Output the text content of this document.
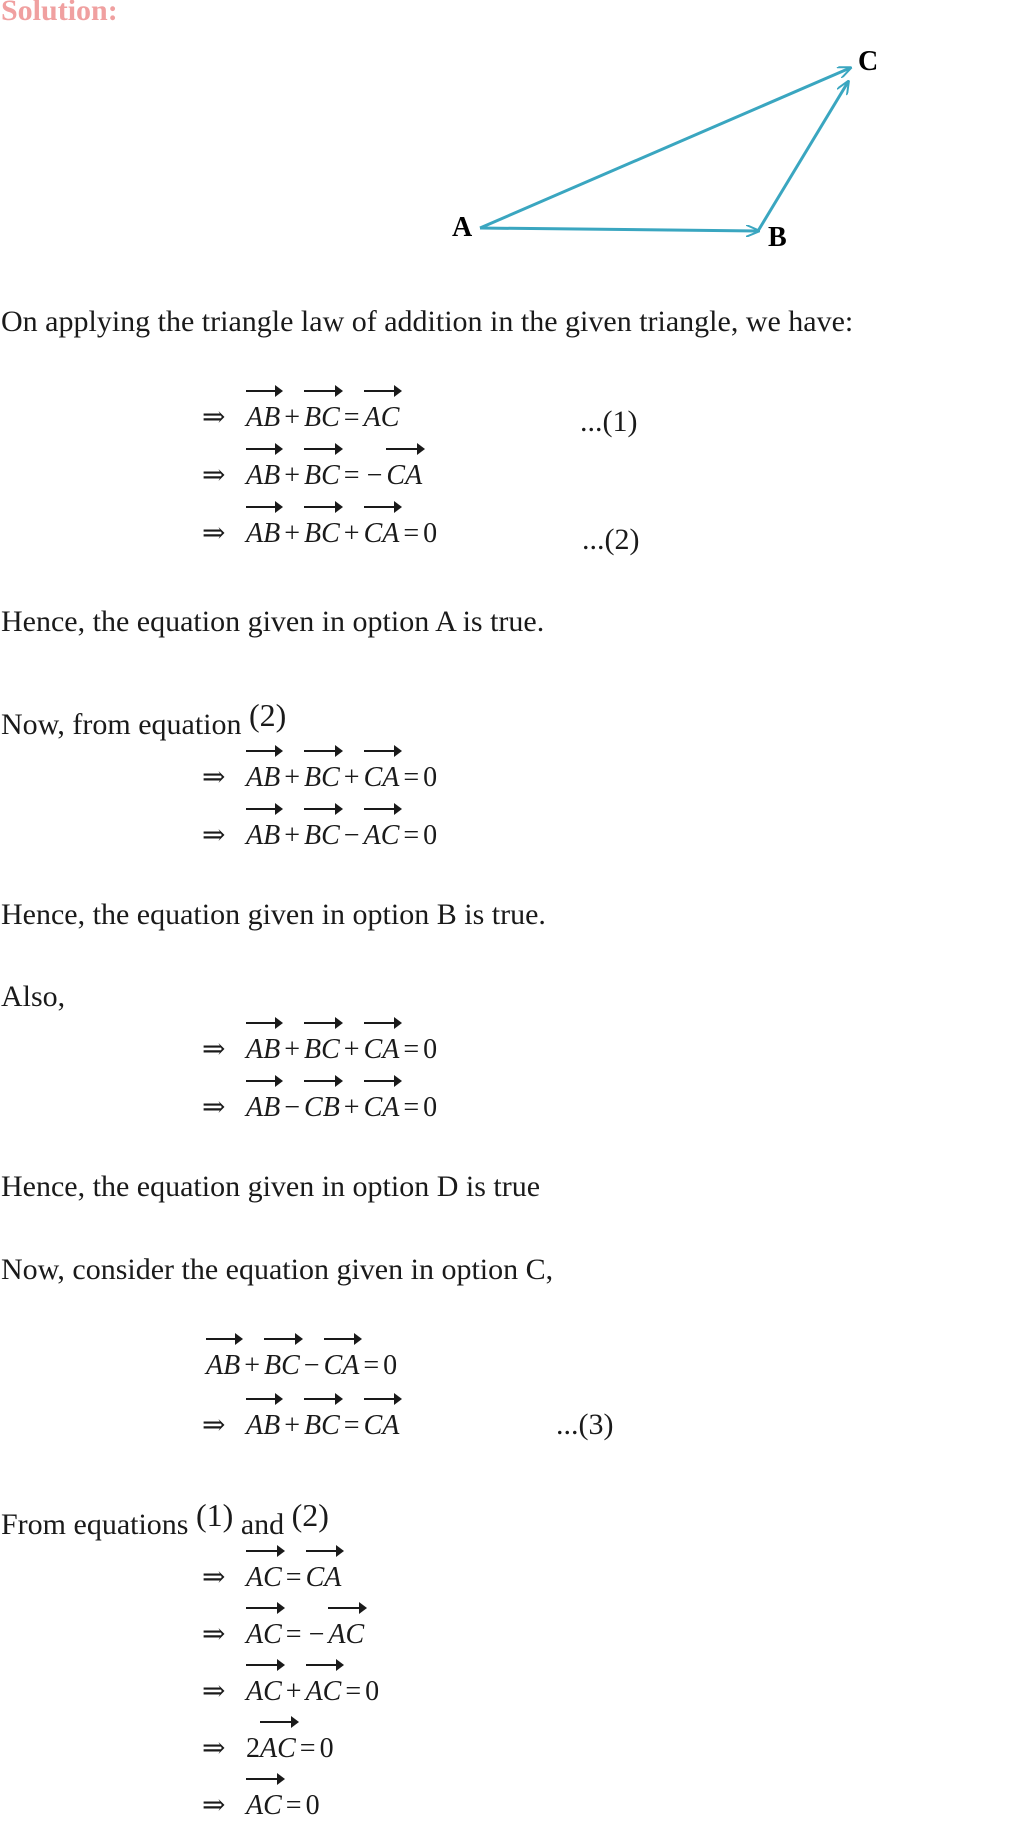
Solution:
A	B
C
On applying the triangle law of addition in the given triangle, we have:
⇒ AB + BC = AC
⇒ AB + BC = − CA
⇒ AB + BC + CA = 0
...(1)
...(2)
Hence, the equation given in option A is true.
Now, from equation (2)
⇒ AB + BC + CA = 0
⇒ AB + BC − AC = 0
Hence, the equation given in option B is true.
Also,
⇒ AB + BC + CA = 0
⇒ AB − CB + CA = 0
Hence, the equation given in option D is true
Now, consider the equation given in option C,
AB + BC − CA = 0
⇒ AB + BC = CA	...(3)
From equations (1) and (2)
⇒ AC = CA
⇒ AC = − AC
⇒ AC + AC = 0
⇒ 2AC = 0
⇒ AC = 0
